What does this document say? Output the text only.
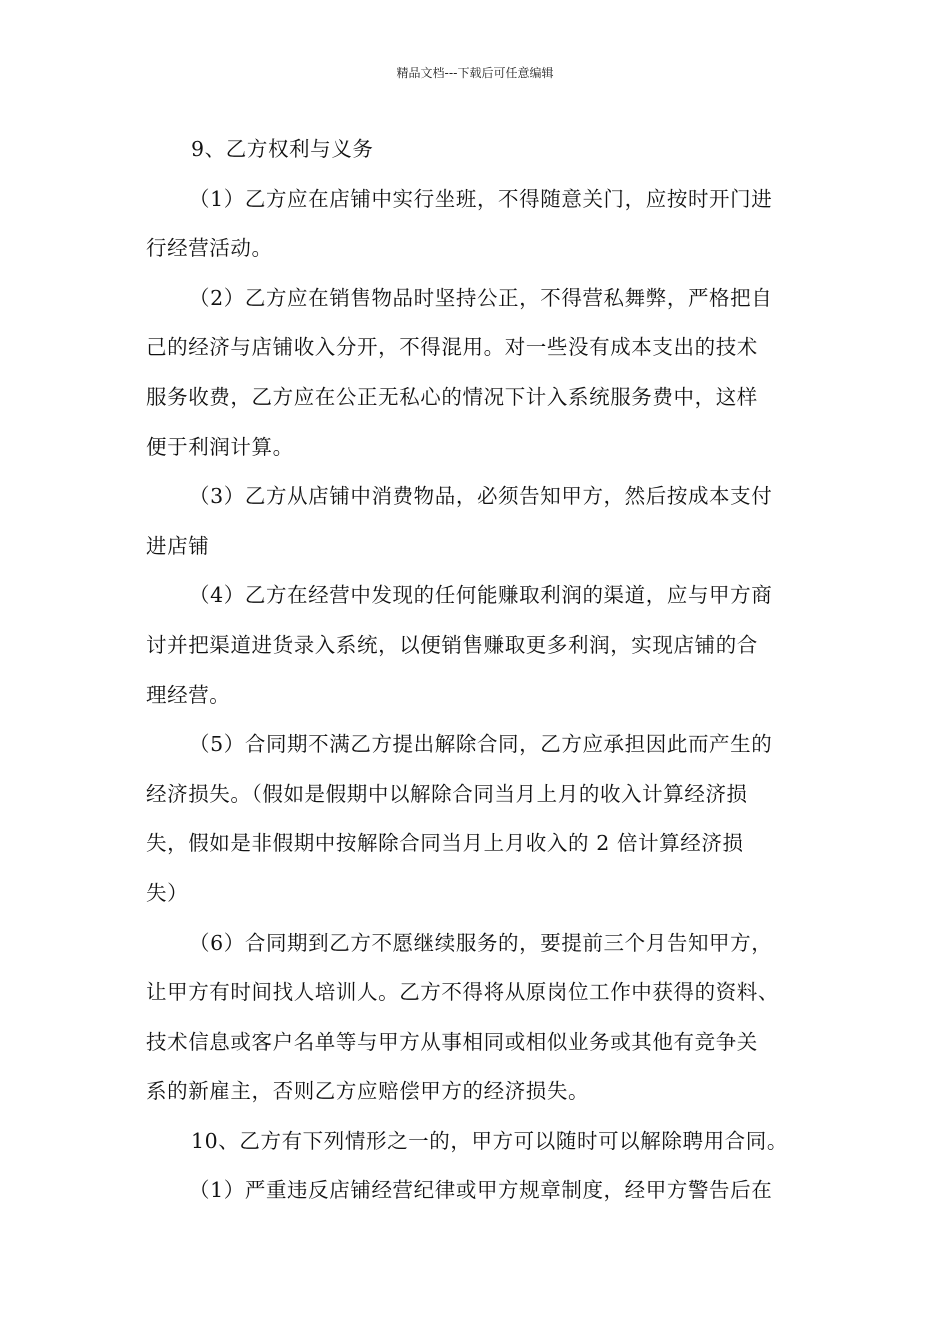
精品文档---下载后可任意编辑
9、乙方权利与义务
（1）乙方应在店铺中实行坐班，不得随意关门，应按时开门进
行经营活动。
（2）乙方应在销售物品时坚持公正，不得营私舞弊，严格把自
己的经济与店铺收入分开，不得混用。对一些没有成本支出的技术
服务收费，乙方应在公正无私心的情况下计入系统服务费中，这样
便于利润计算。
（3）乙方从店铺中消费物品，必须告知甲方，然后按成本支付
进店铺
（4）乙方在经营中发现的任何能赚取利润的渠道，应与甲方商
讨并把渠道进货录入系统，以便销售赚取更多利润，实现店铺的合
理经营。
（5）合同期不满乙方提出解除合同，乙方应承担因此而产生的
经济损失。（假如是假期中以解除合同当月上月的收入计算经济损
失，假如是非假期中按解除合同当月上月收入的 2 倍计算经济损
失）
（6）合同期到乙方不愿继续服务的，要提前三个月告知甲方，
让甲方有时间找人培训人。乙方不得将从原岗位工作中获得的资料、
技术信息或客户名单等与甲方从事相同或相似业务或其他有竞争关
系的新雇主，否则乙方应赔偿甲方的经济损失。
10、乙方有下列情形之一的，甲方可以随时可以解除聘用合同。
（1）严重违反店铺经营纪律或甲方规章制度，经甲方警告后在
